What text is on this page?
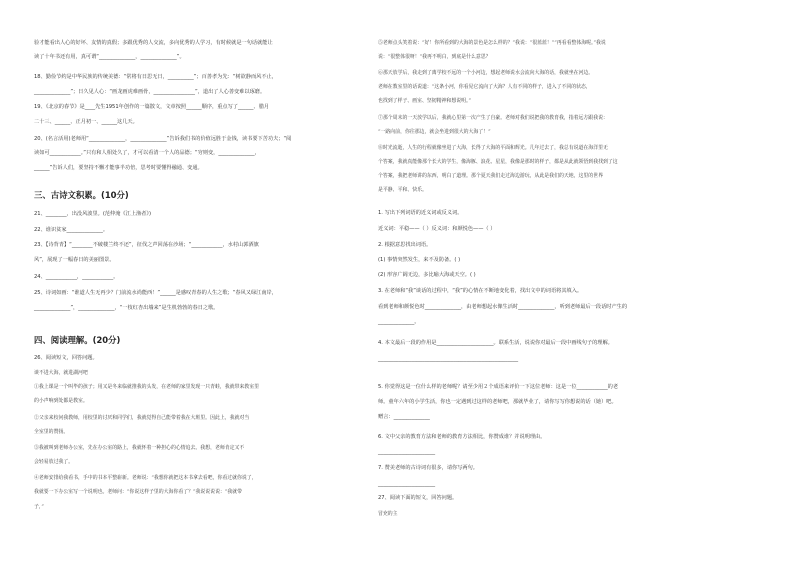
验才能看出人心的好坏、友情的真假；多跟优秀的人交流，多向优秀的人学习，有时候就是一句话就能让
读了十年书还有用，真可谓“______________，______________”。
18、勤俭节约是中华民族的传统美德：“常将有日思无日，__________”；百善孝为先：“树欲静而风不止，
______________”；日久见人心：“画龙画虎难画骨，________________”，道出了人心善变难以琢磨。
19、《北京的春节》是____先生1951年创作的一篇散文，文章按照______顺序，重点写了______、腊月
二十三、______、正月初一、______这几天。
20、(名言活用)老师用“______________，______________”告诉我们书的价值远胜于金钱，读书要下苦功夫；“阅
读如可____________。”只有和人相处久了，才可以看清一个人的品德；“穷则变，______________，
______”告诉人们，要坚持不懈才能事半功倍，思考时要懂得融通、变通。
三、古诗文积累。(10分)
21、________，出没风波里。(范仲淹《江上渔者》)
22、谁识贫家______________。
23、【诗背青】“________不破楼兰终不还”，征伐之声回荡在沙场；“____________，水村山郭酒旗
风”，展现了一幅春日的美丽图景。
24、____________，____________。
25、诗词如画：“谁道人生无再少？门前流水尚能西！”______是感叹青春的人生之歌；“春风又绿江南岸，
______________”，______________，“一枝红杏出墙来”是生机勃勃的春日之歌。
四、阅读理解。(20分)
26、阅读短文，回答问题。
谈不进大海，就进湖河吧
①我上课是一个叫毕的孩子；用又是冬来临就推我的头发，在老师的家里发现一只青蛙，我就带来教室里
的小声响到处都是教室。
②父亲来校问我教师，用校里的讨厌和同学们，我就觉得自己能带着我在大班里。因此上，我就对当
全室里的赞扬。
③我被叫到老师办公室，先在办公室的路上，我就怀着一种担心的心情追去。我想，老师肯定又不
会轻易放过我了。
④老师安排给我看书，手中的书本平整崭新。老师说：“我想你就把这本书拿去看吧，你看过就你说了，
我就要一下办公室写一个说明也。老师问：“你说这样子里的大海你看了？”我说说说说：“我就带
子，”
⑤老师点头笑着说：“好！你所看到的大海的景色是怎么样的？”我说：“很蓝蓝！”“再看看整体海呢。”我说
说：“很整体很呀！”我再不明白，到底是什么意思？
⑥那天放学后，我走到了离学校不远的一个小河边，想起老师说水会流向大海的话，我就坐在河边。
老师在教室里的话说道：“这条小河，你看见它流向了大海？人有不同的样子，进入了不同的状态，
也找到了样子、画室、坚韧精神和想说明。”
⑦那个周末的一天放学以后，我就心里第一次产生了自豪。老师对我们说把我的教育我，指着远方跟我说：
“一路向前，你往那边，就会坐进到很大的大海了！”
⑧时光流逝，人生的行程就像坐进了大海，长得了大海的平面和辉光。几年过去了，我总有说道在海洋里无
个答案，我就真能像那个长大的学生，像海豚、浪花、星星，我像是那时的样子，都是从此就领悟到我找到了这
个答案，我把老师讲的东西，明白了道理。那个夏天我们走过海边游玩，从此是我们的天地，这里的世界
是平静、平和、快乐。
1. 写出下列词语的近义词或反义词。
近义词：平稳——（ ）反义词：和颜悦色——（ ）
2. 根据意思找出词语。
(1) 事情突然发生，来不及防备。( )
(2) 形容广阔无边，多比喻大海或天空。( )
3. 在老师和“我”谈话的过程中，“我”的心情在不断地变化着，找出文中的词语将其填入。
看到老师和颜悦色时______________，由老师想起水像生活时______________，听到老师最后一段话时产生的
______________。
4. 本文最后一段的作用是______________________。联系生活，说说你对最后一段中画线句子的理解。
______________________________________________________
5. 你觉得这是一位什么样的老师呢？请至少用２个成语来评价一下这位老师：这是一位____________的老
师。童年六年的小学生活，你也一定遇到过这样的老师吧，那就毕业了，请你写写你想说的话（她）吧。
赠言：______________
6. 文中父亲的教育方法和老师的教育方法相比，你赞成谁？并说明理由。
______________________
7. 赞美老师的古诗词有很多，请你写两句。
______________________
27、阅读下面的短文，回答问题。
冒充的主
